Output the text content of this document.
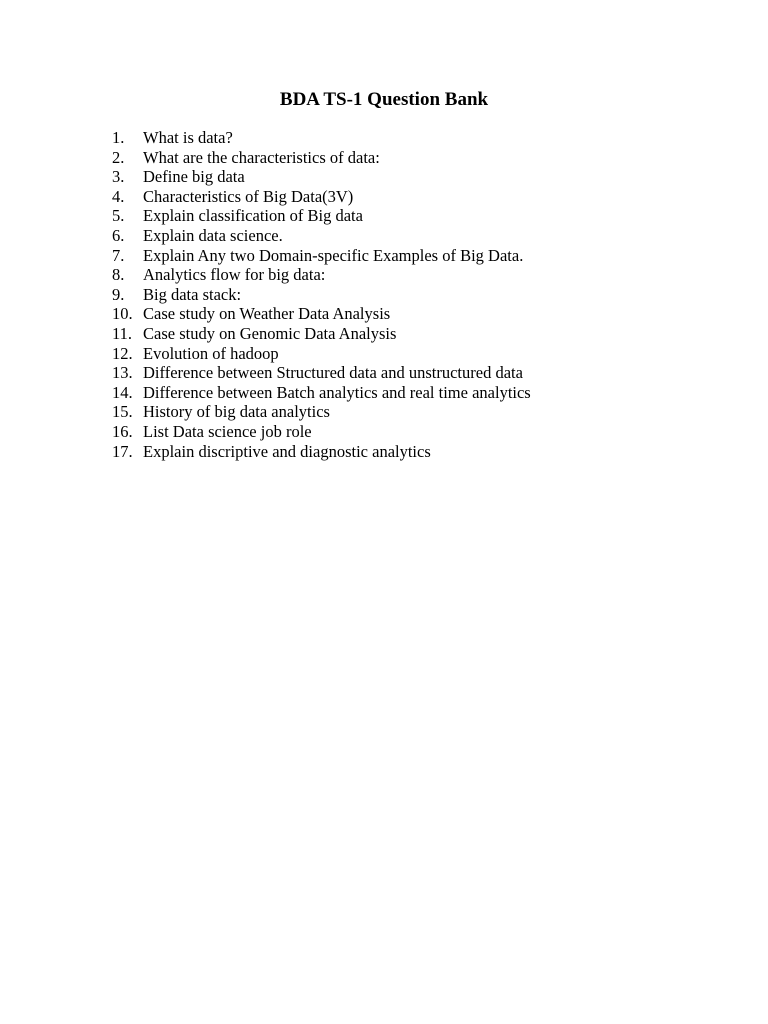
BDA TS-1 Question Bank
1.	What is data?
2.	What are the characteristics of data:
3.	Define big data
4.	Characteristics of Big Data(3V)
5.	Explain classification of Big data
6.	Explain data science.
7.	Explain Any two Domain-specific Examples of Big Data.
8.	Analytics flow for big data:
9.	Big data stack:
10. Case study on Weather Data Analysis
11. Case study on Genomic Data Analysis
12. Evolution of hadoop
13. Difference between Structured data and unstructured data
14. Difference between Batch analytics and real time analytics
15. History of big data analytics
16. List Data science job role
17. Explain discriptive and diagnostic analytics
